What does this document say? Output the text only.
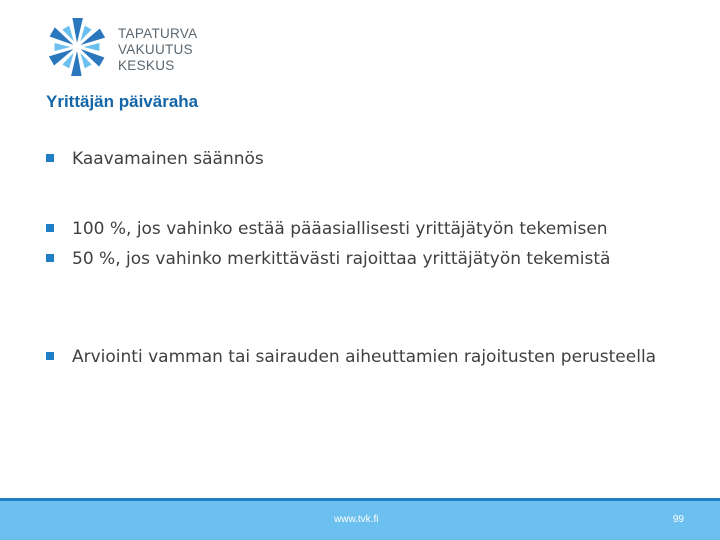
TAPATURVA
VAKUUTUS
KESKUS
Yrittäjän päiväraha
Kaavamainen säännös
100 %, jos vahinko estää pääasiallisesti yrittäjätyön tekemisen
50 %, jos vahinko merkittävästi rajoittaa yrittäjätyön tekemistä
Arviointi vamman tai sairauden aiheuttamien rajoitusten perusteella
www.tvk.fi	99
